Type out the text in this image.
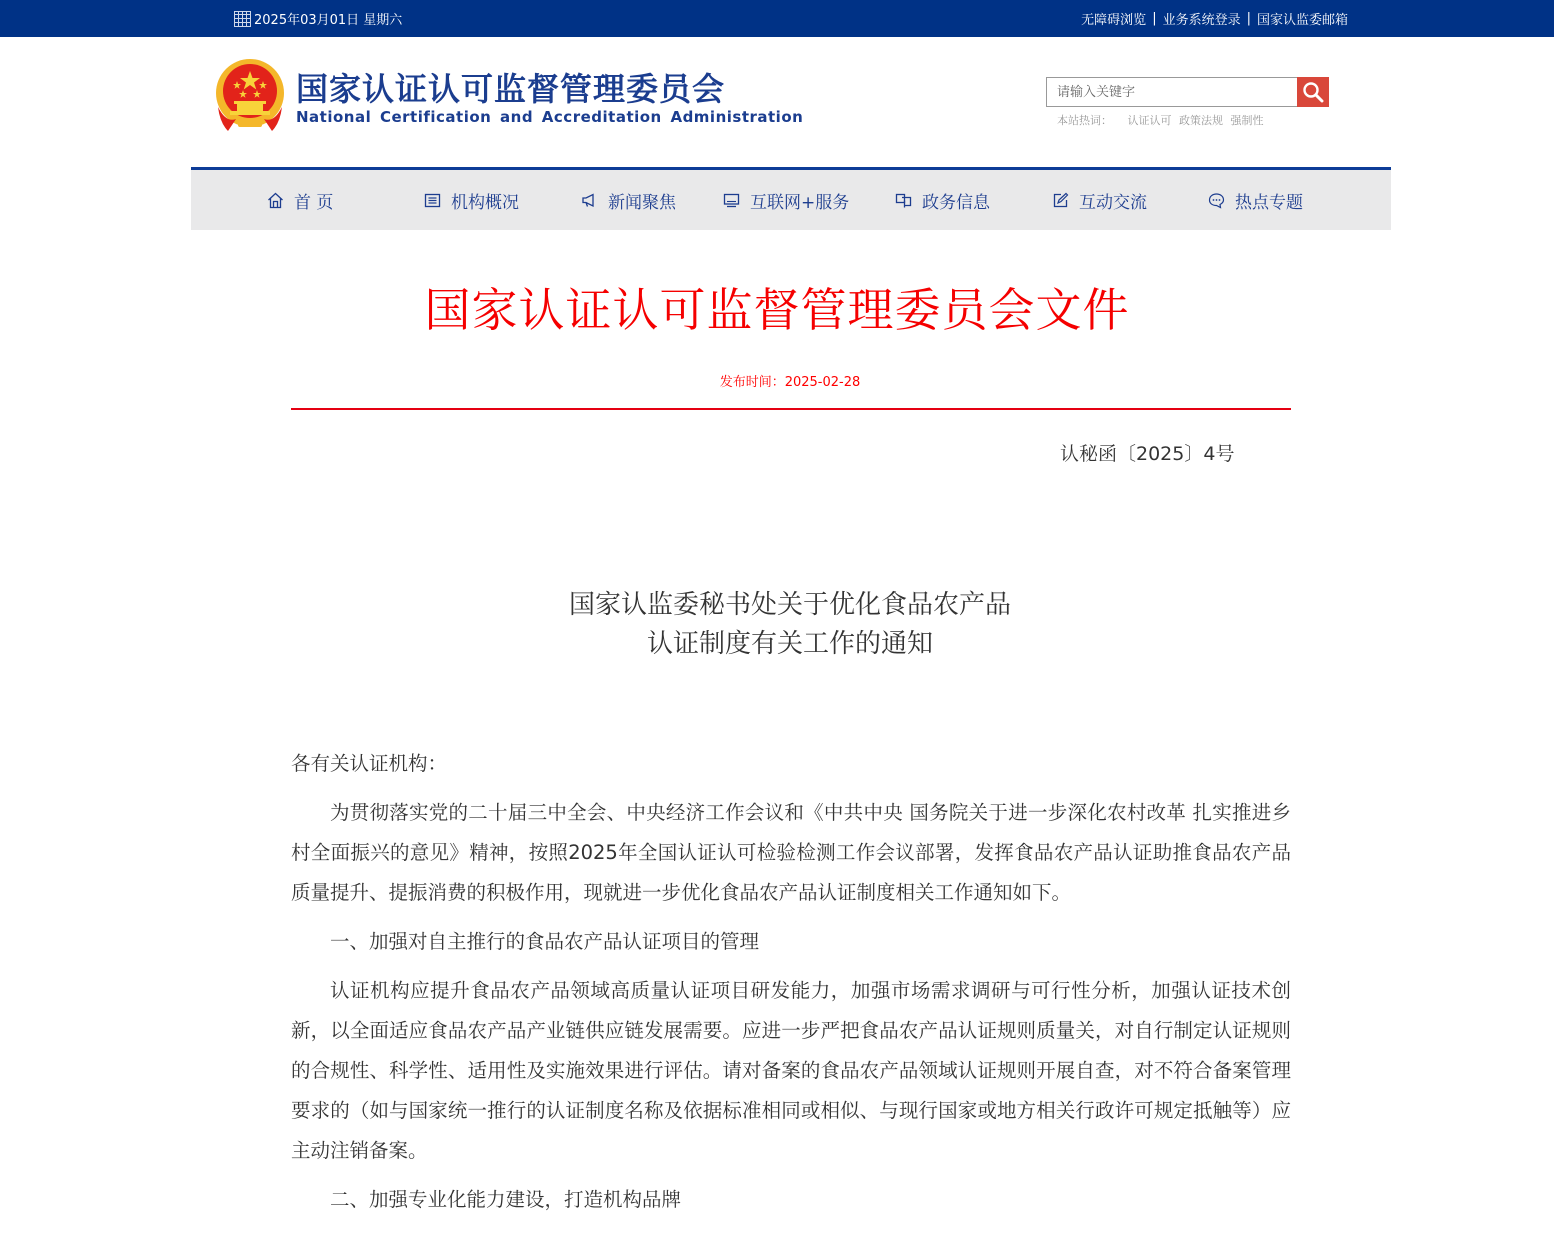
2025年03月01日 星期六	无障碍浏览 | 业务系统登录 | 国家认监委邮箱
国家认证认可监督管理委员会
National Certification and Accreditation Administration
请输入关键字	本站热词： 认证认可 政策法规 强制性
首 页	机构概况	新闻聚焦	互联网+服务	政务信息	互动交流	热点专题
国家认证认可监督管理委员会文件
发布时间：2025-02-28
认秘函〔2025〕4号
国家认监委秘书处关于优化食品农产品
认证制度有关工作的通知

各有关认证机构：

为贯彻落实党的二十届三中全会、中央经济工作会议和《中共中央 国务院关于进一步深化农村改革 扎实推进乡村全面振兴的意见》精神，按照2025年全国认证认可检验检测工作会议部署，发挥食品农产品认证助推食品农产品质量提升、提振消费的积极作用，现就进一步优化食品农产品认证制度相关工作通知如下。

一、加强对自主推行的食品农产品认证项目的管理

认证机构应提升食品农产品领域高质量认证项目研发能力，加强市场需求调研与可行性分析，加强认证技术创新，以全面适应食品农产品产业链供应链发展需要。应进一步严把食品农产品认证规则质量关，对自行制定认证规则的合规性、科学性、适用性及实施效果进行评估。请对备案的食品农产品领域认证规则开展自查，对不符合备案管理要求的（如与国家统一推行的认证制度名称及依据标准相同或相似、与现行国家或地方相关行政许可规定抵触等）应主动注销备案。

二、加强专业化能力建设，打造机构品牌
